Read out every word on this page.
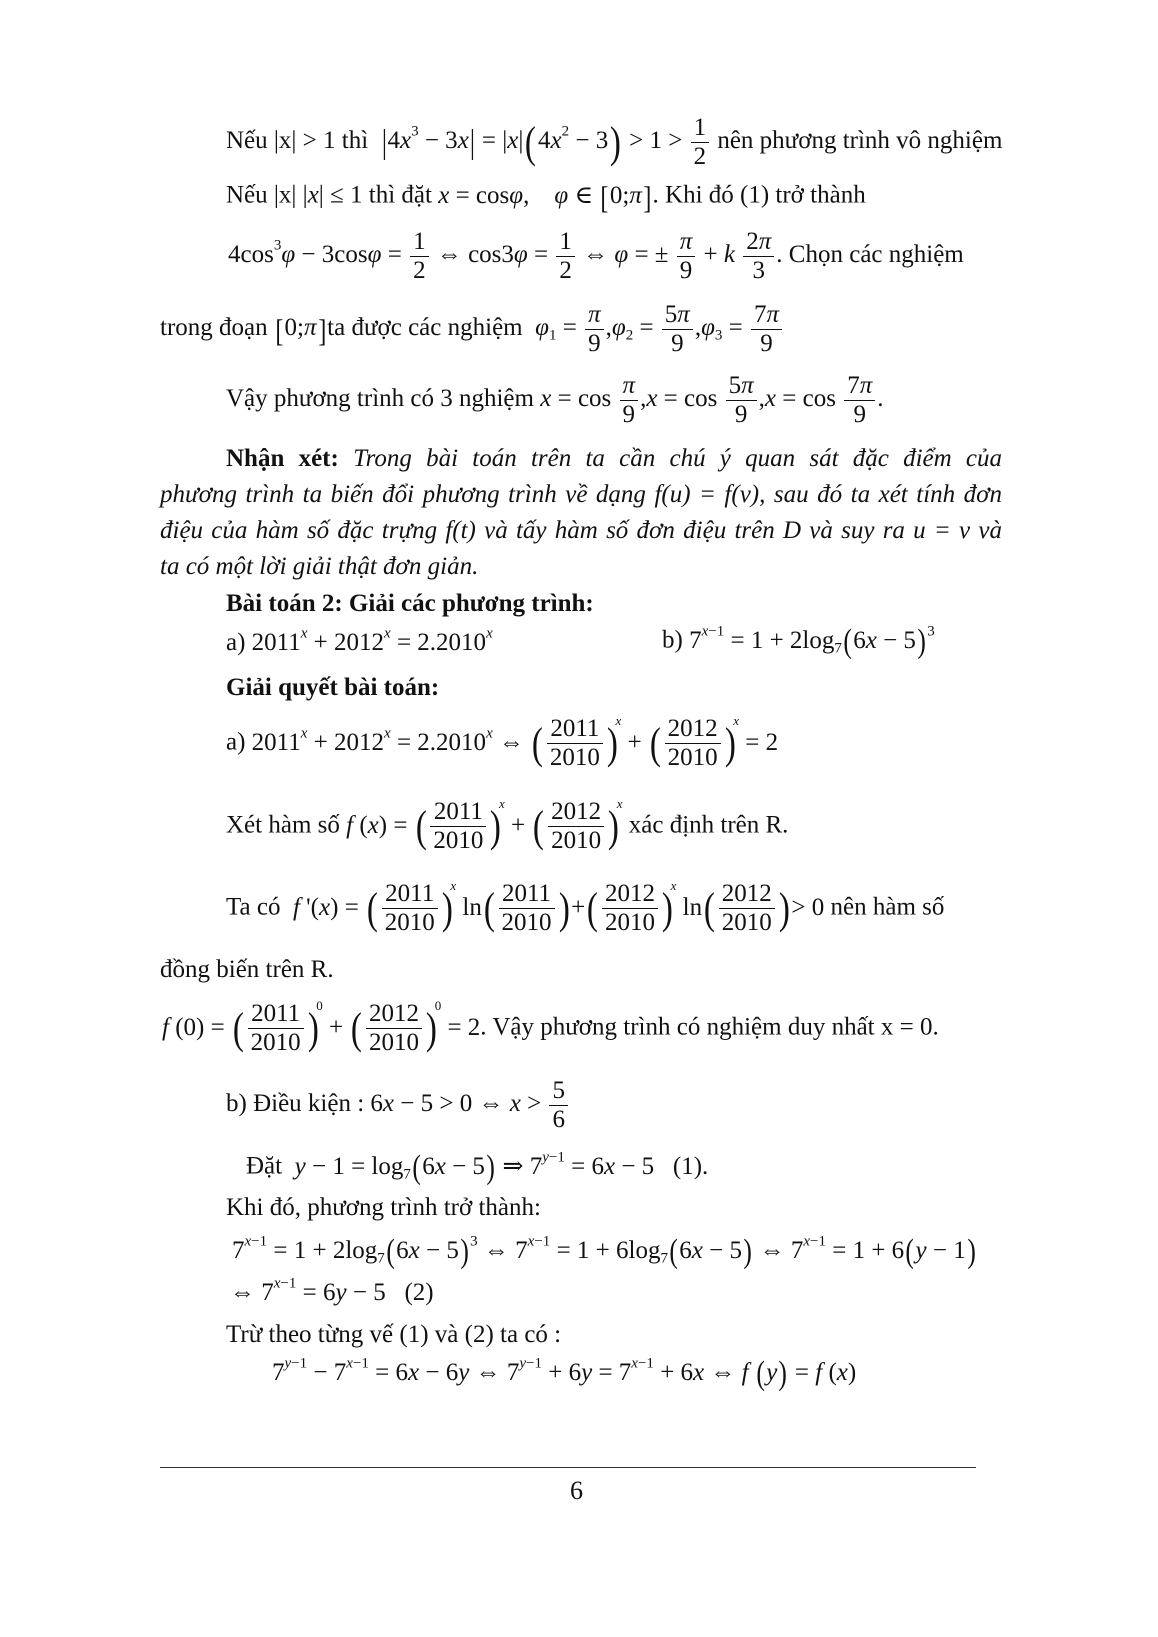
Nếu |x| > 1 thì $|4x^3 - 3x| = |x|(4x^2 - 3) > 1 > \frac{1}{2}$ nên phương trình vô nghiệm
Nếu |x| |x| ≤ 1 thì đặt x = cosφ,    φ ∈ [0;π]. Khi đó (1) trở thành
$4\cos^3\varphi - 3\cos\varphi = \frac{1}{2}$ ⇔ $\cos 3\varphi = \frac{1}{2}$ ⇔ φ = ± $\frac{\pi}{9} + k \frac{2\pi}{3}$ . Chọn các nghiệm
trong đoạn [0;π]ta được các nghiệm $\varphi_1 = \frac{\pi}{9} ,\varphi_2 = \frac{5\pi}{9} ,\varphi_3 = \frac{7\pi}{9}$
Vậy phương trình có 3 nghiệm $x = \cos \frac{\pi}{9} ,x = \cos \frac{5\pi}{9} ,x = \cos \frac{7\pi}{9}$ .
Nhận xét: Trong bài toán trên ta cần chú ý quan sát đặc điểm của
phương trình ta biến đổi phương trình về dạng f(u) = f(v), sau đó ta xét tính đơn
điệu của hàm số đặc trựng f(t) và tấy hàm số đơn điệu trên D và suy ra u = v và
ta có một lời giải thật đơn giản.
Bài toán 2: Giải các phương trình:
a) $2011^x + 2012^x = 2.2010^x$	b) $7^{x-1} = 1 + 2\log_7(6x - 5)^3$
Giải quyết bài toán:
a) $2011^x + 2012^x = 2.2010^x$ ⇔ ( $\frac{2011}{2010} )^x$ + ( $\frac{2012}{2010} )^x = 2$
Xét hàm số f (x) = ( $\frac{2011}{2010} )^x$ + ( $\frac{2012}{2010} )^x$ xác định trên R.
Ta có f '(x) = ( $\frac{2011}{2010} )^x$ $\ln( \frac{2011}{2010}$ )+( $\frac{2012}{2010} )^x$ $\ln( \frac{2012}{2010}$ )> 0 nên hàm số
đồng biến trên R.
f (0) = ( $\frac{2011}{2010} )^0$ + ( $\frac{2012}{2010} )^0 = 2$. Vậy phương trình có nghiệm duy nhất x = 0.
b) Điều kiện : 6x − 5 > 0 ⇔ $x > \frac{5}{6}$
Đặt $y - 1 = \log_7(6x - 5)$ ⇒ $7^{y-1} = 6x - 5$   (1).
Khi đó, phương trình trở thành:
$7^{x-1} = 1 + 2\log_7(6x - 5)^3$ ⇔ $7^{x-1} = 1 + 6\log_7(6x - 5)$ ⇔ $7^{x-1} = 1 + 6(y - 1)$
⇔ $7^{x-1} = 6y - 5$   (2)
Trừ theo từng vế (1) và (2) ta có :
$7^{y-1} - 7^{x-1} = 6x - 6y$ ⇔ $7^{y-1} + 6y = 7^{x-1} + 6x$ ⇔ f (y) = f (x)
6
